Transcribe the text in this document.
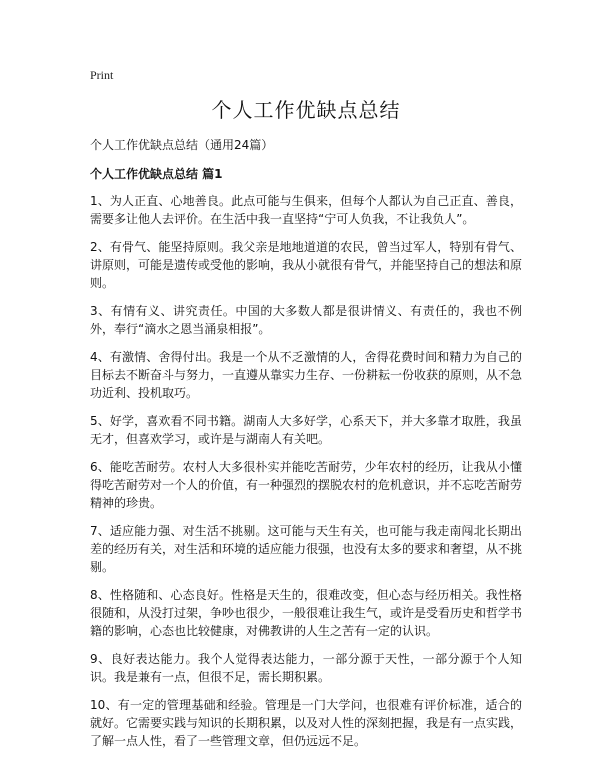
Print
个人工作优缺点总结

个人工作优缺点总结（通用24篇）

个人工作优缺点总结 篇1

1、为人正直、心地善良。此点可能与生俱来，但每个人都认为自己正直、善良，需要多让他人去评价。在生活中我一直坚持“宁可人负我，不让我负人”。

2、有骨气、能坚持原则。我父亲是地地道道的农民，曾当过军人，特别有骨气、讲原则，可能是遗传或受他的影响，我从小就很有骨气，并能坚持自己的想法和原则。

3、有情有义、讲究责任。中国的大多数人都是很讲情义、有责任的，我也不例外，奉行“滴水之恩当涌泉相报”。

4、有激情、舍得付出。我是一个从不乏激情的人，舍得花费时间和精力为自己的目标去不断奋斗与努力，一直遵从靠实力生存、一份耕耘一份收获的原则，从不急功近利、投机取巧。

5、好学，喜欢看不同书籍。湖南人大多好学，心系天下，并大多靠才取胜，我虽无才，但喜欢学习，或许是与湖南人有关吧。

6、能吃苦耐劳。农村人大多很朴实并能吃苦耐劳，少年农村的经历，让我从小懂得吃苦耐劳对一个人的价值，有一种强烈的摆脱农村的危机意识，并不忘吃苦耐劳精神的珍贵。

7、适应能力强、对生活不挑剔。这可能与天生有关，也可能与我走南闯北长期出差的经历有关，对生活和环境的适应能力很强，也没有太多的要求和奢望，从不挑剔。

8、性格随和、心态良好。性格是天生的，很难改变，但心态与经历相关。我性格很随和，从没打过架，争吵也很少，一般很难让我生气，或许是受看历史和哲学书籍的影响，心态也比较健康，对佛教讲的人生之苦有一定的认识。

9、良好表达能力。我个人觉得表达能力，一部分源于天性，一部分源于个人知识。我是兼有一点，但很不足，需长期积累。

10、有一定的管理基础和经验。管理是一门大学问，也很难有评价标准，适合的就好。它需要实践与知识的长期积累，以及对人性的深刻把握，我是有一点实践，了解一点人性，看了一些管理文章，但仍远远不足。
